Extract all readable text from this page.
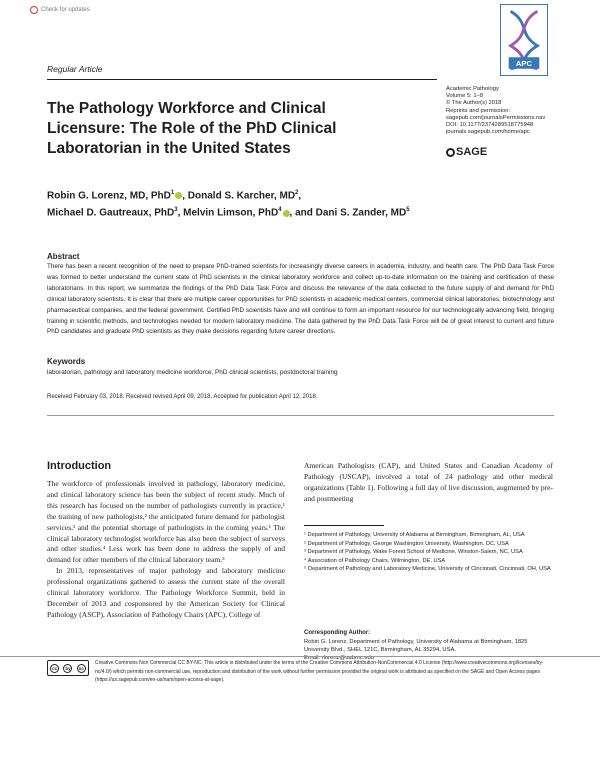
Check for updates
APC
Regular Article
The Pathology Workforce and Clinical Licensure: The Role of the PhD Clinical Laboratorian in the United States
Academic Pathology
Volume 5: 1–8
© The Author(s) 2018
Reprints and permission:
sagepub.com/journalsPermissions.nav
DOI: 10.1177/2374289518775948
journals.sagepub.com/home/apc
SAGE
Robin G. Lorenz, MD, PhD$^1$ , Donald S. Karcher, $MD^2$,
Michael D. Gautreaux, PhD$^3$, Melvin Limson, PhD$^4$ , and Dani S. Zander, $MD^5$
Abstract
There has been a recent recognition of the need to prepare PhD-trained scientists for increasingly diverse careers in academia, industry, and health care. The PhD Data Task Force was formed to better understand the current state of PhD scientists in the clinical laboratory workforce and collect up-to-date information on the training and certification of these laboratorians. In this report, we summarize the findings of the PhD Data Task Force and discuss the relevance of the data collected to the future supply of and demand for PhD clinical laboratory scientists. It is clear that there are multiple career opportunities for PhD scientists in academic medical centers, commercial clinical laboratories, biotechnology and pharmaceutical companies, and the federal government. Certified PhD scientists have and will continue to form an important resource for our technologically advancing field, bringing training in scientific methods, and technologies needed for modern laboratory medicine. The data gathered by the PhD Data Task Force will be of great interest to current and future PhD candidates and graduate PhD scientists as they make decisions regarding future career directions.
Keywords
laboratorian, pathology and laboratory medicine workforce, PhD clinical scientists, postdoctoral training
Received February 03, 2018. Received revised April 09, 2018. Accepted for publication April 12, 2018.
Introduction

The workforce of professionals involved in pathology, laboratory medicine, and clinical laboratory science has been the subject of recent study. Much of this research has focused on the number of pathologists currently in practice,¹ the training of new pathologists,² the anticipated future demand for pathologist services,³ and the potential shortage of pathologists in the coming years.¹ The clinical laboratory technologist workforce has also been the subject of surveys and other studies.⁴ Less work has been done to address the supply of and demand for other members of the clinical laboratory team.⁵

In 2013, representatives of major pathology and laboratory medicine professional organizations gathered to assess the current state of the overall clinical laboratory workforce. The Pathology Workforce Summit, held in December of 2013 and cosponsored by the American Society for Clinical Pathology (ASCP), Association of Pathology Chairs (APC), College of

American Pathologists (CAP), and United States and Canadian Academy of Pathology (USCAP), involved a total of 24 pathology and other medical organizations (Table 1). Following a full day of live discussion, augmented by pre- and postmeeting
¹ Department of Pathology, University of Alabama at Birmingham, Birmingham, AL, USA
² Department of Pathology, George Washington University, Washington, DC, USA
³ Department of Pathology, Wake Forest School of Medicine, Winston-Salem, NC, USA
⁴ Association of Pathology Chairs, Wilmington, DE, USA
⁵ Department of Pathology and Laboratory Medicine, University of Cincinnati, Cincinnati, OH, USA
Corresponding Author:
Robin G. Lorenz, Department of Pathology, University of Alabama at Birmingham, 1825 University Blvd., SHEL 121C, Birmingham, AL 35294, USA.
Email: rlorenz@uabmc.edu
cc	by	nc
Creative Commons Non Commercial CC BY-NC: This article is distributed under the terms of the Creative Commons Attribution-NonCommercial 4.0 License (http://www.creativecommons.org/licenses/by-nc/4.0/) which permits non-commercial use, reproduction and distribution of the work without further permission provided the original work is attributed as specified on the SAGE and Open Access pages (https://us.sagepub.com/en-us/nam/open-access-at-sage).
